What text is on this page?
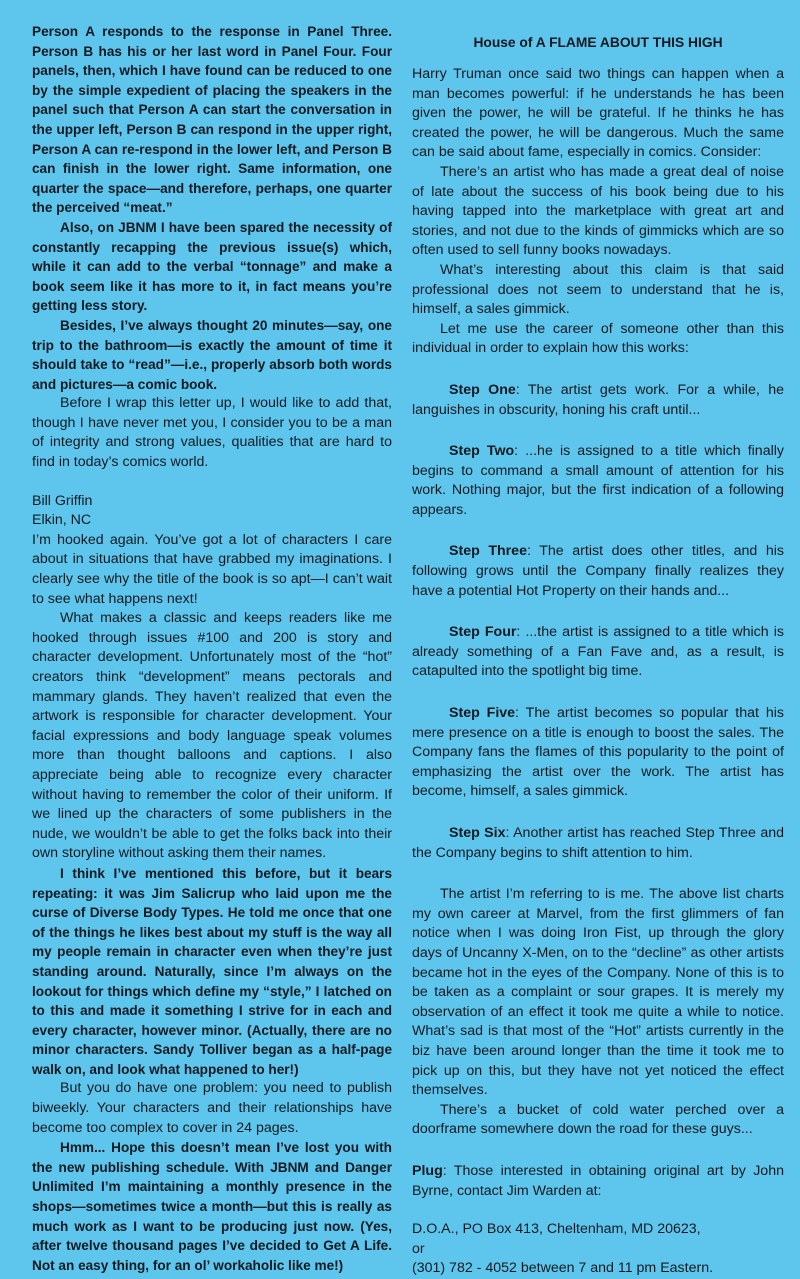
Person A responds to the response in Panel Three. Person B has his or her last word in Panel Four. Four panels, then, which I have found can be reduced to one by the simple expedient of placing the speakers in the panel such that Person A can start the conversation in the upper left, Person B can respond in the upper right, Person A can re-respond in the lower left, and Person B can finish in the lower right. Same information, one quarter the space—and therefore, perhaps, one quarter the perceived “meat.”

Also, on JBNM I have been spared the necessity of constantly recapping the previous issue(s) which, while it can add to the verbal “tonnage” and make a book seem like it has more to it, in fact means you’re getting less story.

Besides, I’ve always thought 20 minutes—say, one trip to the bathroom—is exactly the amount of time it should take to “read”—i.e., properly absorb both words and pictures—a comic book.

Before I wrap this letter up, I would like to add that, though I have never met you, I consider you to be a man of integrity and strong values, qualities that are hard to find in today’s comics world.

Bill Griffin

Elkin, NC

I’m hooked again. You’ve got a lot of characters I care about in situations that have grabbed my imaginations. I clearly see why the title of the book is so apt—I can’t wait to see what happens next!

What makes a classic and keeps readers like me hooked through issues #100 and 200 is story and character development. Unfortunately most of the “hot” creators think “development” means pectorals and mammary glands. They haven’t realized that even the artwork is responsible for character development. Your facial expressions and body language speak volumes more than thought balloons and captions. I also appreciate being able to recognize every character without having to remember the color of their uniform. If we lined up the characters of some publishers in the nude, we wouldn’t be able to get the folks back into their own storyline without asking them their names.

I think I’ve mentioned this before, but it bears repeating: it was Jim Salicrup who laid upon me the curse of Diverse Body Types. He told me once that one of the things he likes best about my stuff is the way all my people remain in character even when they’re just standing around. Naturally, since I’m always on the lookout for things which define my “style,” I latched on to this and made it something I strive for in each and every character, however minor. (Actually, there are no minor characters. Sandy Tolliver began as a half-page walk on, and look what happened to her!)

But you do have one problem: you need to publish biweekly. Your characters and their relationships have become too complex to cover in 24 pages.

Hmm... Hope this doesn’t mean I’ve lost you with the new publishing schedule. With JBNM and Danger Unlimited I’m maintaining a monthly presence in the shops—sometimes twice a month—but this is really as much work as I want to be producing just now. (Yes, after twelve thousand pages I’ve decided to Get A Life. Not an easy thing, for an ol’ workaholic like me!)

House of A FLAME ABOUT THIS HIGH

Harry Truman once said two things can happen when a man becomes powerful: if he understands he has been given the power, he will be grateful. If he thinks he has created the power, he will be dangerous. Much the same can be said about fame, especially in comics. Consider:

There’s an artist who has made a great deal of noise of late about the success of his book being due to his having tapped into the marketplace with great art and stories, and not due to the kinds of gimmicks which are so often used to sell funny books nowadays.

What’s interesting about this claim is that said professional does not seem to understand that he is, himself, a sales gimmick.

Let me use the career of someone other than this individual in order to explain how this works:

Step One: The artist gets work. For a while, he languishes in obscurity, honing his craft until...

Step Two: ...he is assigned to a title which finally begins to command a small amount of attention for his work. Nothing major, but the first indication of a following appears.

Step Three: The artist does other titles, and his following grows until the Company finally realizes they have a potential Hot Property on their hands and...

Step Four: ...the artist is assigned to a title which is already something of a Fan Fave and, as a result, is catapulted into the spotlight big time.

Step Five: The artist becomes so popular that his mere presence on a title is enough to boost the sales. The Company fans the flames of this popularity to the point of emphasizing the artist over the work. The artist has become, himself, a sales gimmick.

Step Six: Another artist has reached Step Three and the Company begins to shift attention to him.

The artist I’m referring to is me. The above list charts my own career at Marvel, from the first glimmers of fan notice when I was doing Iron Fist, up through the glory days of Uncanny X-Men, on to the “decline” as other artists became hot in the eyes of the Company. None of this is to be taken as a complaint or sour grapes. It is merely my observation of an effect it took me quite a while to notice. What’s sad is that most of the “Hot” artists currently in the biz have been around longer than the time it took me to pick up on this, but they have not yet noticed the effect themselves.

There’s a bucket of cold water perched over a doorframe somewhere down the road for these guys...

Plug: Those interested in obtaining original art by John Byrne, contact Jim Warden at:

D.O.A., PO Box 413, Cheltenham, MD 20623,

or

(301) 782 - 4052 between 7 and 11 pm Eastern.
